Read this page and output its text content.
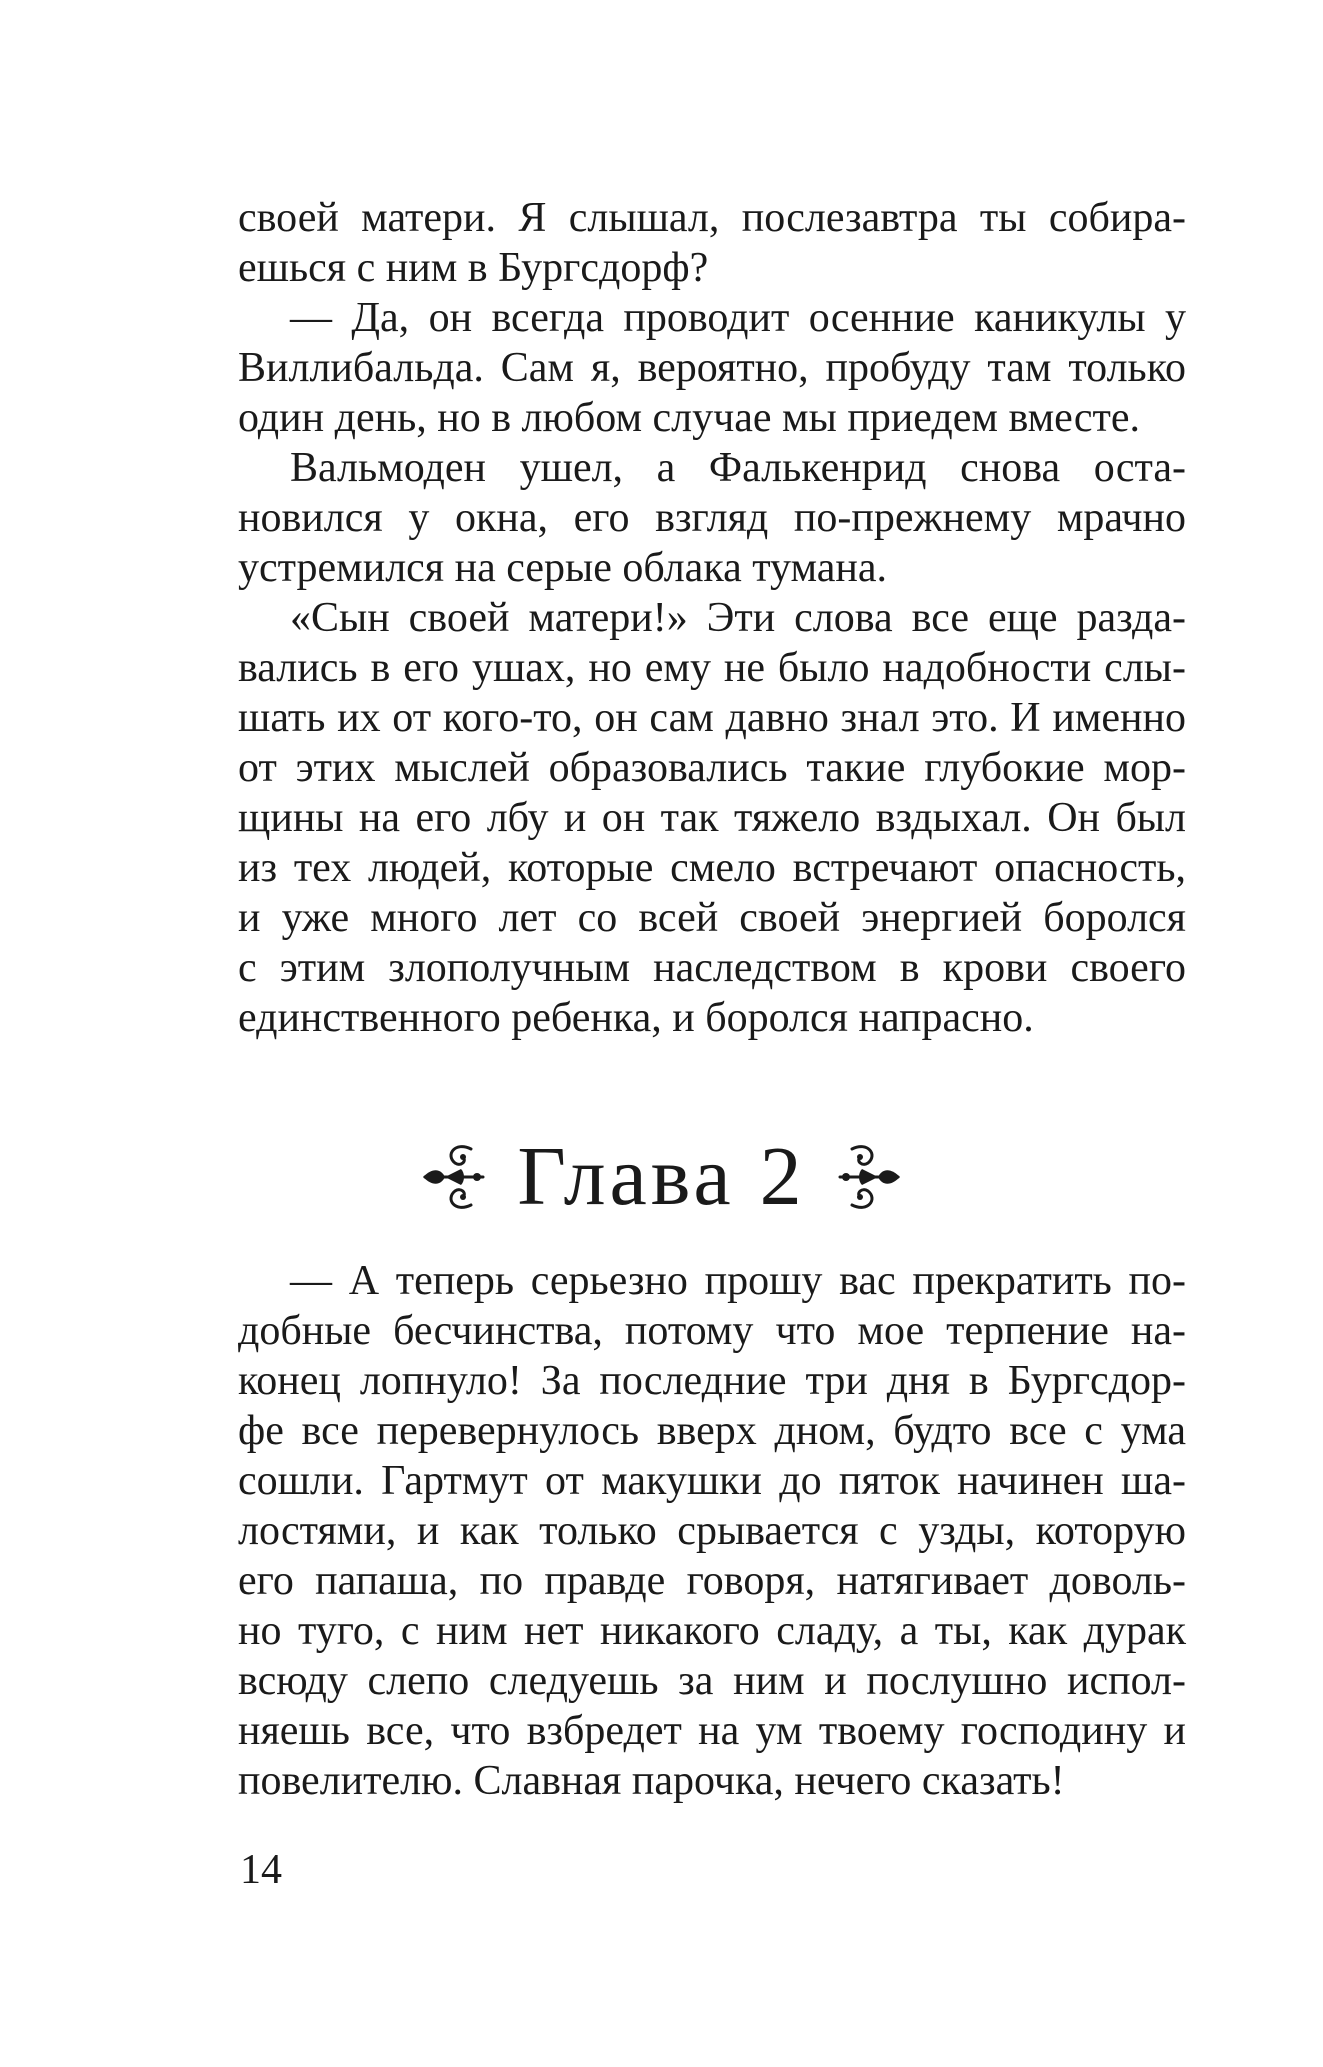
своей матери. Я слышал, послезавтра ты собира-
ешься с ним в Бургсдорф?
— Да, он всегда проводит осенние каникулы у
Виллибальда. Сам я, вероятно, пробуду там только
один день, но в любом случае мы приедем вместе.
Вальмоден ушел, а Фалькенрид снова оста-
новился у окна, его взгляд по-прежнему мрачно
устремился на серые облака тумана.
«Сын своей матери!» Эти слова все еще разда-
вались в его ушах, но ему не было надобности слы-
шать их от кого-то, он сам давно знал это. И именно
от этих мыслей образовались такие глубокие мор-
щины на его лбу и он так тяжело вздыхал. Он был
из тех людей, которые смело встречают опасность,
и уже много лет со всей своей энергией боролся
с этим злополучным наследством в крови своего
единственного ребенка, и боролся напрасно.
Глава 2
— А теперь серьезно прошу вас прекратить по-
добные бесчинства, потому что мое терпение на-
конец лопнуло! За последние три дня в Бургсдор-
фе все перевернулось вверх дном, будто все с ума
сошли. Гартмут от макушки до пяток начинен ша-
лостями, и как только срывается с узды, которую
его папаша, по правде говоря, натягивает доволь-
но туго, с ним нет никакого сладу, а ты, как дурак
всюду слепо следуешь за ним и послушно испол-
няешь все, что взбредет на ум твоему господину и
повелителю. Славная парочка, нечего сказать!
14
